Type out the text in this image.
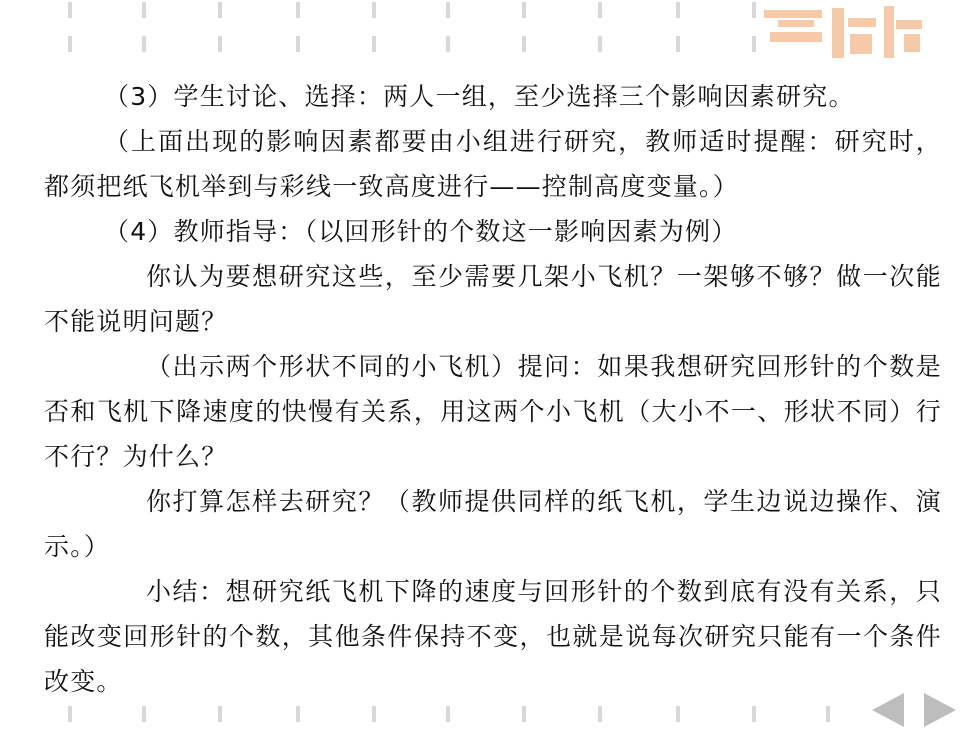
（3）学生讨论、选择：两人一组，至少选择三个影响因素研究。

（上面出现的影响因素都要由小组进行研究，教师适时提醒：研究时，都须把纸飞机举到与彩线一致高度进行——控制高度变量。）

（4）教师指导：（以回形针的个数这一影响因素为例）

你认为要想研究这些，至少需要几架小飞机？一架够不够？做一次能不能说明问题？

（出示两个形状不同的小飞机）提问：如果我想研究回形针的个数是否和飞机下降速度的快慢有关系，用这两个小飞机（大小不一、形状不同）行不行？为什么？

你打算怎样去研究？（教师提供同样的纸飞机，学生边说边操作、演示。）

小结：想研究纸飞机下降的速度与回形针的个数到底有没有关系，只能改变回形针的个数，其他条件保持不变，也就是说每次研究只能有一个条件改变。
